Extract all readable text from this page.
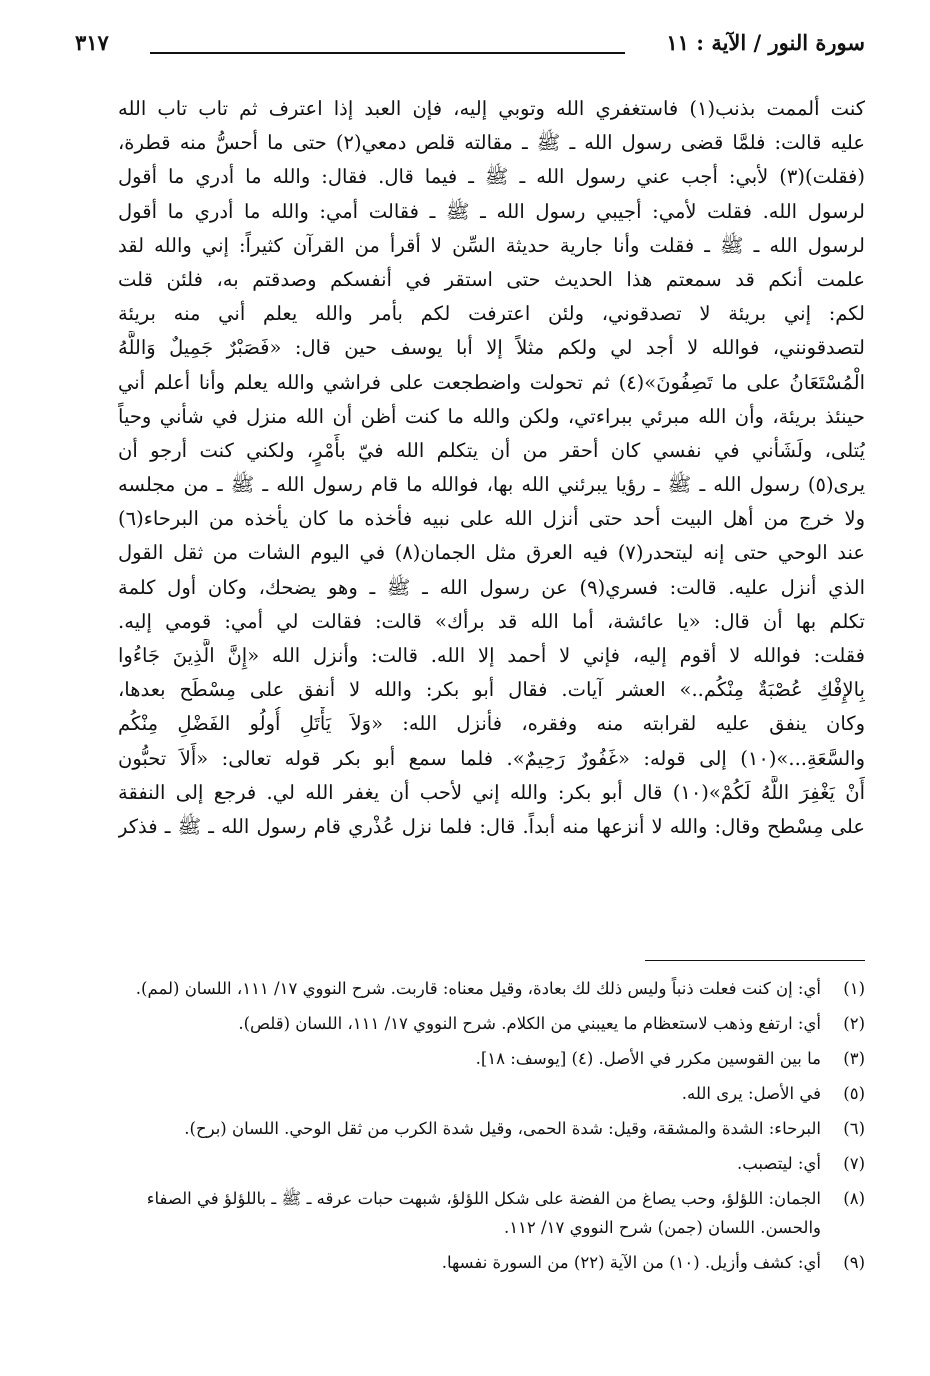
سورة النور / الآية : ١١
٣١٧
كنت ألممت بذنب(١) فاستغفري الله وتوبي إليه، فإن العبد إذا اعترف ثم تاب تاب الله
عليه قالت: فلمَّا قضى رسول الله ـ ﷺ ـ مقالته قلص دمعي(٢) حتى ما أحسُّ منه قطرة،
(فقلت)(٣) لأبي: أجب عني رسول الله ـ ﷺ ـ فيما قال. فقال: والله ما أدري ما أقول
لرسول الله. فقلت لأمي: أجيبي رسول الله ـ ﷺ ـ فقالت أمي: والله ما أدري ما أقول
لرسول الله ـ ﷺ ـ فقلت وأنا جارية حديثة السِّن لا أقرأ من القرآن كثيراً: إني والله لقد
علمت أنكم قد سمعتم هذا الحديث حتى استقر في أنفسكم وصدقتم به، فلئن قلت
لكم: إني بريئة لا تصدقوني، ولئن اعترفت لكم بأمر والله يعلم أني منه بريئة
لتصدقونني، فوالله لا أجد لي ولكم مثلاً إلا أبا يوسف حين قال: «فَصَبْرٌ جَمِيلٌ وَاللَّهُ
الْمُسْتَعَانُ على ما تَصِفُونَ»(٤) ثم تحولت واضطجعت على فراشي والله يعلم وأنا أعلم أني
حينئذ بريئة، وأن الله مبرئي ببراءتي، ولكن والله ما كنت أظن أن الله منزل في شأني وحياً
يُتلى، ولَشَأني في نفسي كان أحقر من أن يتكلم الله فيّ بأَمْرٍ، ولكني كنت أرجو أن
يرى(٥) رسول الله ـ ﷺ ـ رؤيا يبرئني الله بها، فوالله ما قام رسول الله ـ ﷺ ـ من مجلسه
ولا خرج من أهل البيت أحد حتى أنزل الله على نبيه فأخذه ما كان يأخذه من البرحاء(٦)
عند الوحي حتى إنه ليتحدر(٧) فيه العرق مثل الجمان(٨) في اليوم الشات من ثقل القول
الذي أنزل عليه. قالت: فسري(٩) عن رسول الله ـ ﷺ ـ وهو يضحك، وكان أول كلمة
تكلم بها أن قال: «يا عائشة، أما الله قد برأك» قالت: فقالت لي أمي: قومي إليه.
فقلت: فوالله لا أقوم إليه، فإني لا أحمد إلا الله. قالت: وأنزل الله «إِنَّ الَّذِينَ جَاءُوا
بِالإِفْكِ عُصْبَةٌ مِنْكُم..» العشر آيات. فقال أبو بكر: والله لا أنفق على مِسْطَح بعدها،
وكان ينفق عليه لقرابته منه وفقره، فأنزل الله: «وَلاَ يَأْتَلِ أُولُو الفَضْلِ مِنْكُم
والسَّعَةِ...»(١٠) إلى قوله: «غَفُورٌ رَحِيمٌ». فلما سمع أبو بكر قوله تعالى: «أَلاَ تحبُّون
أَنْ يَغْفِرَ اللَّهُ لَكُمْ»(١٠) قال أبو بكر: والله إني لأحب أن يغفر الله لي. فرجع إلى النفقة
على مِسْطح وقال: والله لا أنزعها منه أبداً. قال: فلما نزل عُذْري قام رسول الله ـ ﷺ ـ فذكر
(١)
أي: إن كنت فعلت ذنباً وليس ذلك لك بعادة، وقيل معناه: قاربت. شرح النووي ١٧/ ١١١، اللسان (لمم).
(٢)
أي: ارتفع وذهب لاستعظام ما يعيبني من الكلام. شرح النووي ١٧/ ١١١، اللسان (قلص).
(٣)
ما بين القوسين مكرر في الأصل. (٤) [يوسف: ١٨].
(٥)
في الأصل: يرى الله.
(٦)
البرحاء: الشدة والمشقة، وقيل: شدة الحمى، وقيل شدة الكرب من ثقل الوحي. اللسان (برح).
(٧)
أي: ليتصبب.
(٨)
الجمان: اللؤلؤ، وحب يصاغ من الفضة على شكل اللؤلؤ، شبهت حبات عرقه ـ ﷺ ـ باللؤلؤ في الصفاء والحسن. اللسان (جمن) شرح النووي ١٧/ ١١٢.
(٩)
أي: كشف وأزيل. (١٠) من الآية (٢٢) من السورة نفسها.
